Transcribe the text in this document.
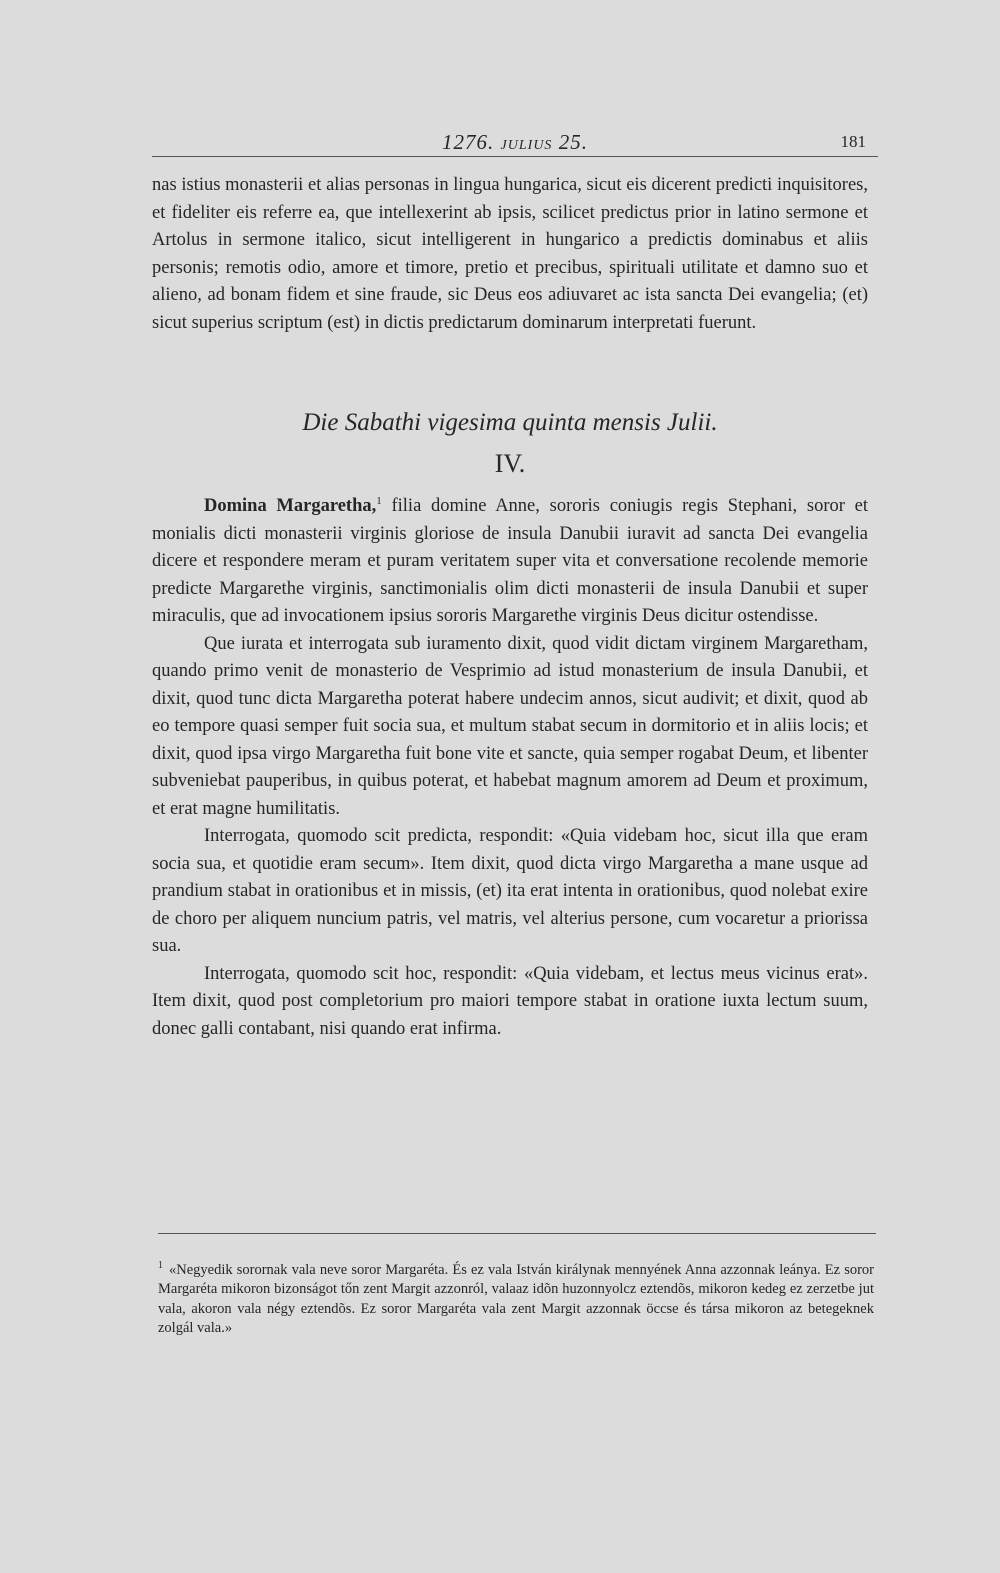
1276. JULIUS 25.	181

nas istius monasterii et alias personas in lingua hungarica, sicut eis dicerent predicti inquisitores, et fideliter eis referre ea, que intellexerint ab ipsis, scilicet predictus prior in latino sermone et Artolus in sermone italico, sicut intelligerent in hungarico a predictis dominabus et aliis personis; remotis odio, amore et timore, pretio et precibus, spirituali utilitate et damno suo et alieno, ad bonam fidem et sine fraude, sic Deus eos adiuvaret ac ista sancta Dei evangelia; (et) sicut superius scriptum (est) in dictis predictarum dominarum interpretati fuerunt.

Die Sabathi vigesima quinta mensis Julii.
IV.

Domina Margaretha,$^1$ filia domine Anne, sororis coniugis regis Stephani, soror et monialis dicti monasterii virginis gloriose de insula Danubii iuravit ad sancta Dei evangelia dicere et respondere meram et puram veritatem super vita et conversatione recolende memorie predicte Margarethe virginis, sanctimonialis olim dicti monasterii de insula Danubii et super miraculis, que ad invocationem ipsius sororis Margarethe virginis Deus dicitur ostendisse.

Que iurata et interrogata sub iuramento dixit, quod vidit dictam virginem Margaretham, quando primo venit de monasterio de Vesprimio ad istud monasterium de insula Danubii, et dixit, quod tunc dicta Margaretha poterat habere undecim annos, sicut audivit; et dixit, quod ab eo tempore quasi semper fuit socia sua, et multum stabat secum in dormitorio et in aliis locis; et dixit, quod ipsa virgo Margaretha fuit bone vite et sancte, quia semper rogabat Deum, et libenter subveniebat pauperibus, in quibus poterat, et habebat magnum amorem ad Deum et proximum, et erat magne humilitatis.

Interrogata, quomodo scit predicta, respondit: «Quia videbam hoc, sicut illa que eram socia sua, et quotidie eram secum». Item dixit, quod dicta virgo Margaretha a mane usque ad prandium stabat in orationibus et in missis, (et) ita erat intenta in orationibus, quod nolebat exire de choro per aliquem nuncium patris, vel matris, vel alterius persone, cum vocaretur a priorissa sua.

Interrogata, quomodo scit hoc, respondit: «Quia videbam, et lectus meus vicinus erat». Item dixit, quod post completorium pro maiori tempore stabat in oratione iuxta lectum suum, donec galli contabant, nisi quando erat infirma.

$^1$ «Negyedik sorornak vala neve soror Margaréta. És ez vala István királynak mennyének Anna azzonnak leánya. Ez soror Margaréta mikoron bizonságot tőn zent Margit azzonról, valaaz idõn huzonnyolcz eztendõs, mikoron kedeg ez zerzetbe jut vala, akoron vala négy eztendõs. Ez soror Margaréta vala zent Margit azzonnak öccse és társa mikoron az betegeknek zolgál vala.»
